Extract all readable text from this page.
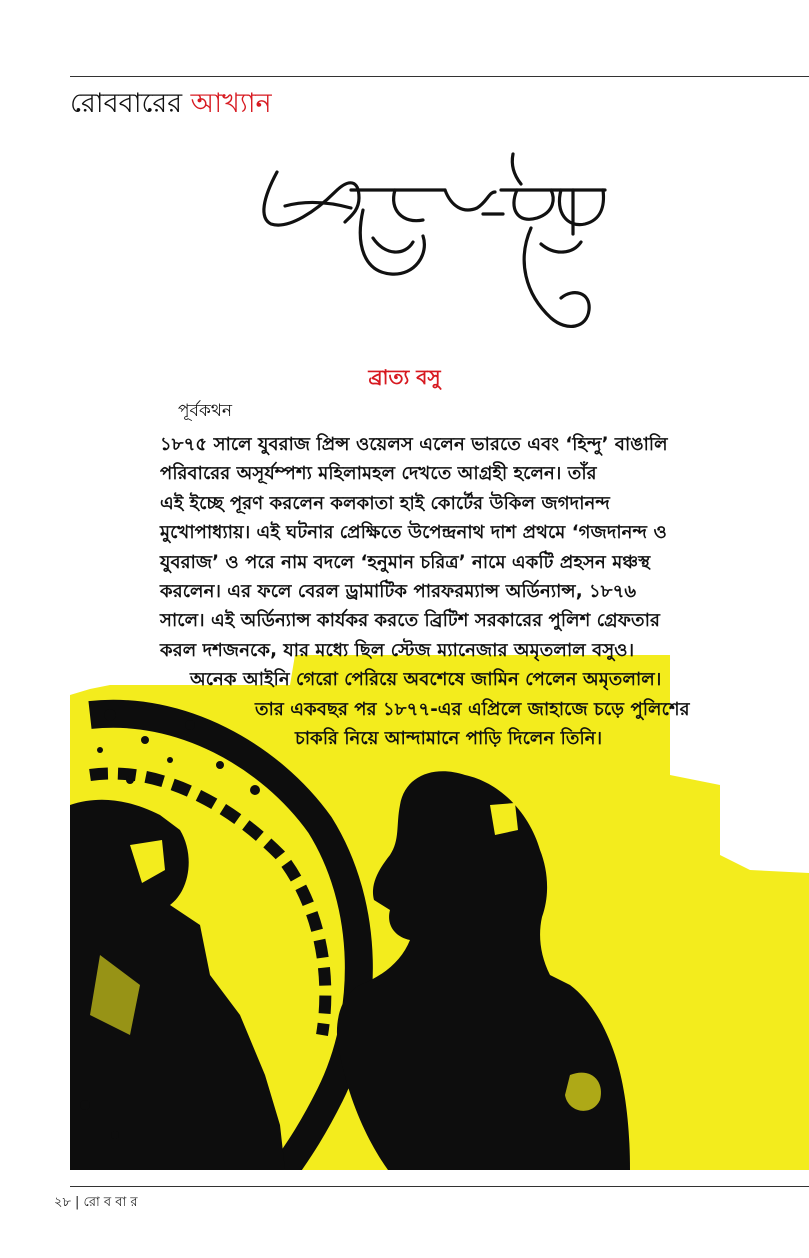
রোববারের আখ্যান
ব্রাত্য বসু
পূর্বকথন
১৮৭৫ সালে যুবরাজ প্রিন্স ওয়েলস এলেন ভারতে এবং ‘হিন্দু’ বাঙালি
পরিবারের অসূর্যম্পশ্য মহিলামহল দেখতে আগ্রহী হলেন। তাঁর
এই ইচ্ছে পূরণ করলেন কলকাতা হাই কোর্টের উকিল জগদানন্দ
মুখোপাধ্যায়। এই ঘটনার প্রেক্ষিতে উপেন্দ্রনাথ দাশ প্রথমে ‘গজদানন্দ ও
যুবরাজ’ ও পরে নাম বদলে ‘হনুমান চরিত্র’ নামে একটি প্রহসন মঞ্চস্থ
করলেন। এর ফলে বেরল ড্রামাটিক পারফরম্যান্স অর্ডিন্যান্স, ১৮৭৬
সালে। এই অর্ডিন্যান্স কার্যকর করতে ব্রিটিশ সরকারের পুলিশ গ্রেফতার
করল দশজনকে, যার মধ্যে ছিল স্টেজ ম্যানেজার অমৃতলাল বসুও।
অনেক আইনি গেরো পেরিয়ে অবশেষে জামিন পেলেন অমৃতলাল।
তার একবছর পর ১৮৭৭-এর এপ্রিলে জাহাজে চড়ে পুলিশের
চাকরি নিয়ে আন্দামানে পাড়ি দিলেন তিনি।
২৮ | রো ব বা র
